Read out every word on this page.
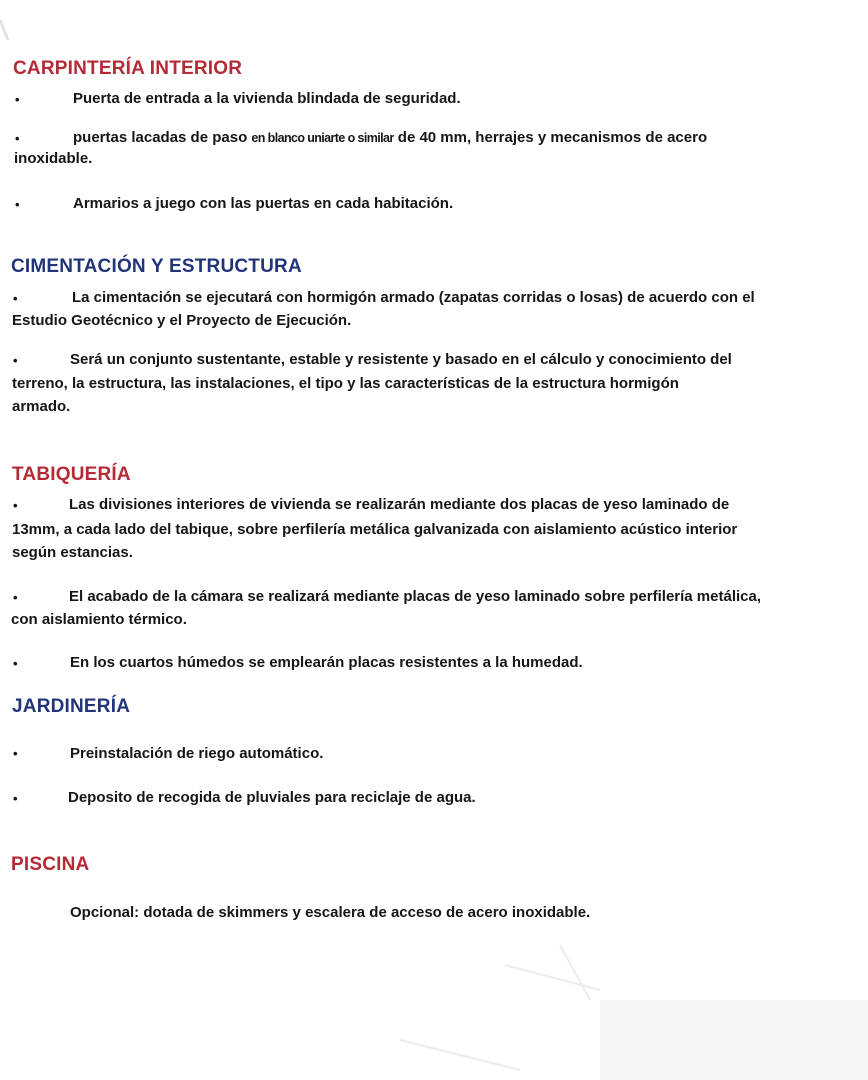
CARPINTERÍA INTERIOR
•	Puerta de entrada a la vivienda blindada de seguridad.

•	puertas lacadas de paso en blanco uniarte o similar de 40 mm, herrajes y mecanismos de acero

inoxidable.

•	Armarios a juego con las puertas en cada habitación.

CIMENTACIÓN Y ESTRUCTURA
•	La cimentación se ejecutará con hormigón armado (zapatas corridas o losas) de acuerdo con el

Estudio Geotécnico y el Proyecto de Ejecución.

•	Será un conjunto sustentante, estable y resistente y basado en el cálculo y conocimiento del

terreno, la estructura, las instalaciones, el tipo y las características de la estructura hormigón

armado.

TABIQUERÍA
•	Las divisiones interiores de vivienda se realizarán mediante dos placas de yeso laminado de

13mm, a cada lado del tabique, sobre perfilería metálica galvanizada con aislamiento acústico interior

según estancias.

•	El acabado de la cámara se realizará mediante placas de yeso laminado sobre perfilería metálica,

con aislamiento térmico.

•	En los cuartos húmedos se emplearán placas resistentes a la humedad.

JARDINERÍA
•	Preinstalación de riego automático.

•	Deposito de recogida de pluviales para reciclaje de agua.

PISCINA

Opcional: dotada de skimmers y escalera de acceso de acero inoxidable.
